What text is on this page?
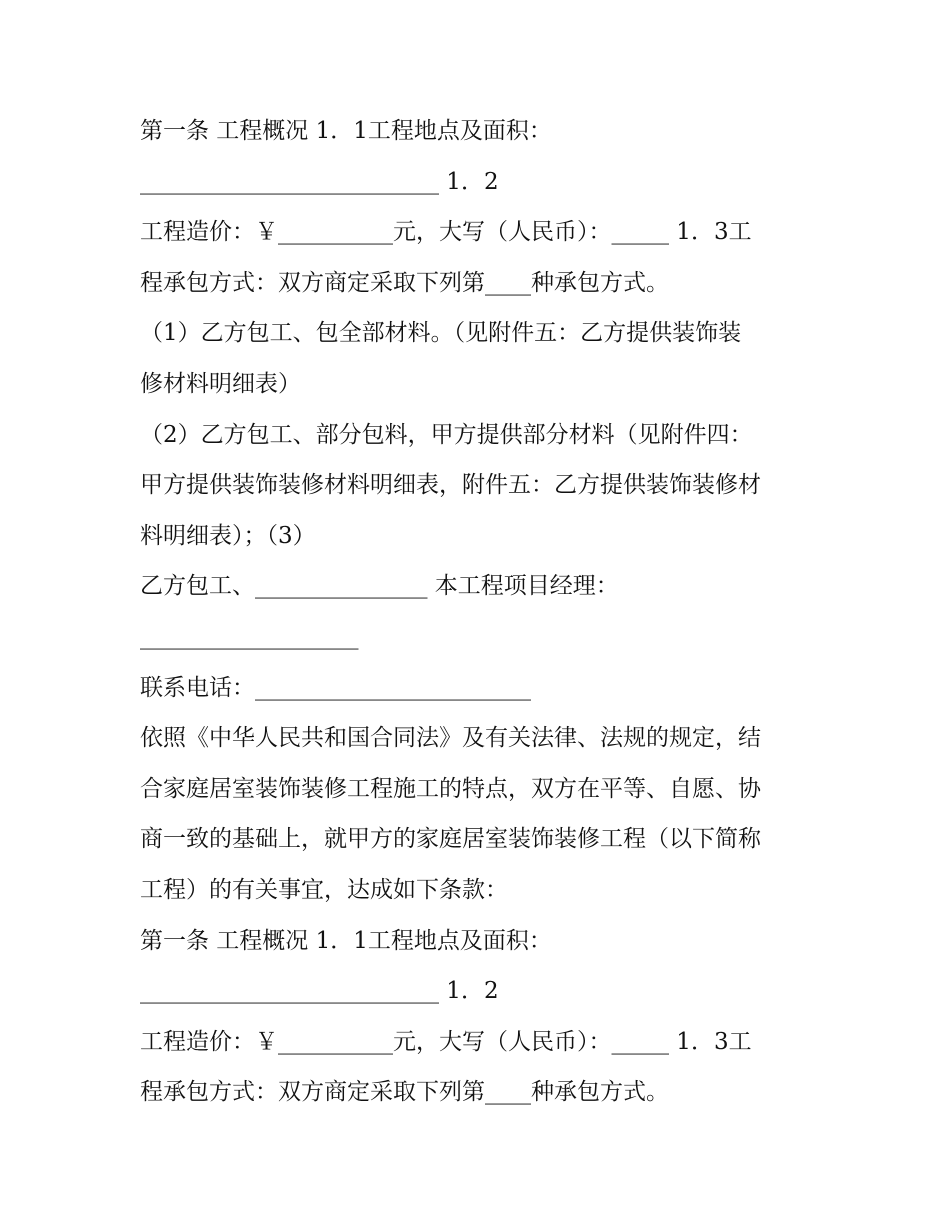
第一条 工程概况 1．1工程地点及面积：
__________________________ 1．2
工程造价：￥__________元，大写（人民币）：_____ 1．3工
程承包方式：双方商定采取下列第____种承包方式。
（1）乙方包工、包全部材料。（见附件五：乙方提供装饰装
修材料明细表）
（2）乙方包工、部分包料，甲方提供部分材料（见附件四：
甲方提供装饰装修材料明细表，附件五：乙方提供装饰装修材
料明细表）；（3）
乙方包工、_______________ 本工程项目经理：
___________________
联系电话：________________________
依照《中华人民共和国合同法》及有关法律、法规的规定，结
合家庭居室装饰装修工程施工的特点，双方在平等、自愿、协
商一致的基础上，就甲方的家庭居室装饰装修工程（以下简称
工程）的有关事宜，达成如下条款：
第一条 工程概况 1．1工程地点及面积：
__________________________ 1．2
工程造价：￥__________元，大写（人民币）：_____ 1．3工
程承包方式：双方商定采取下列第____种承包方式。
